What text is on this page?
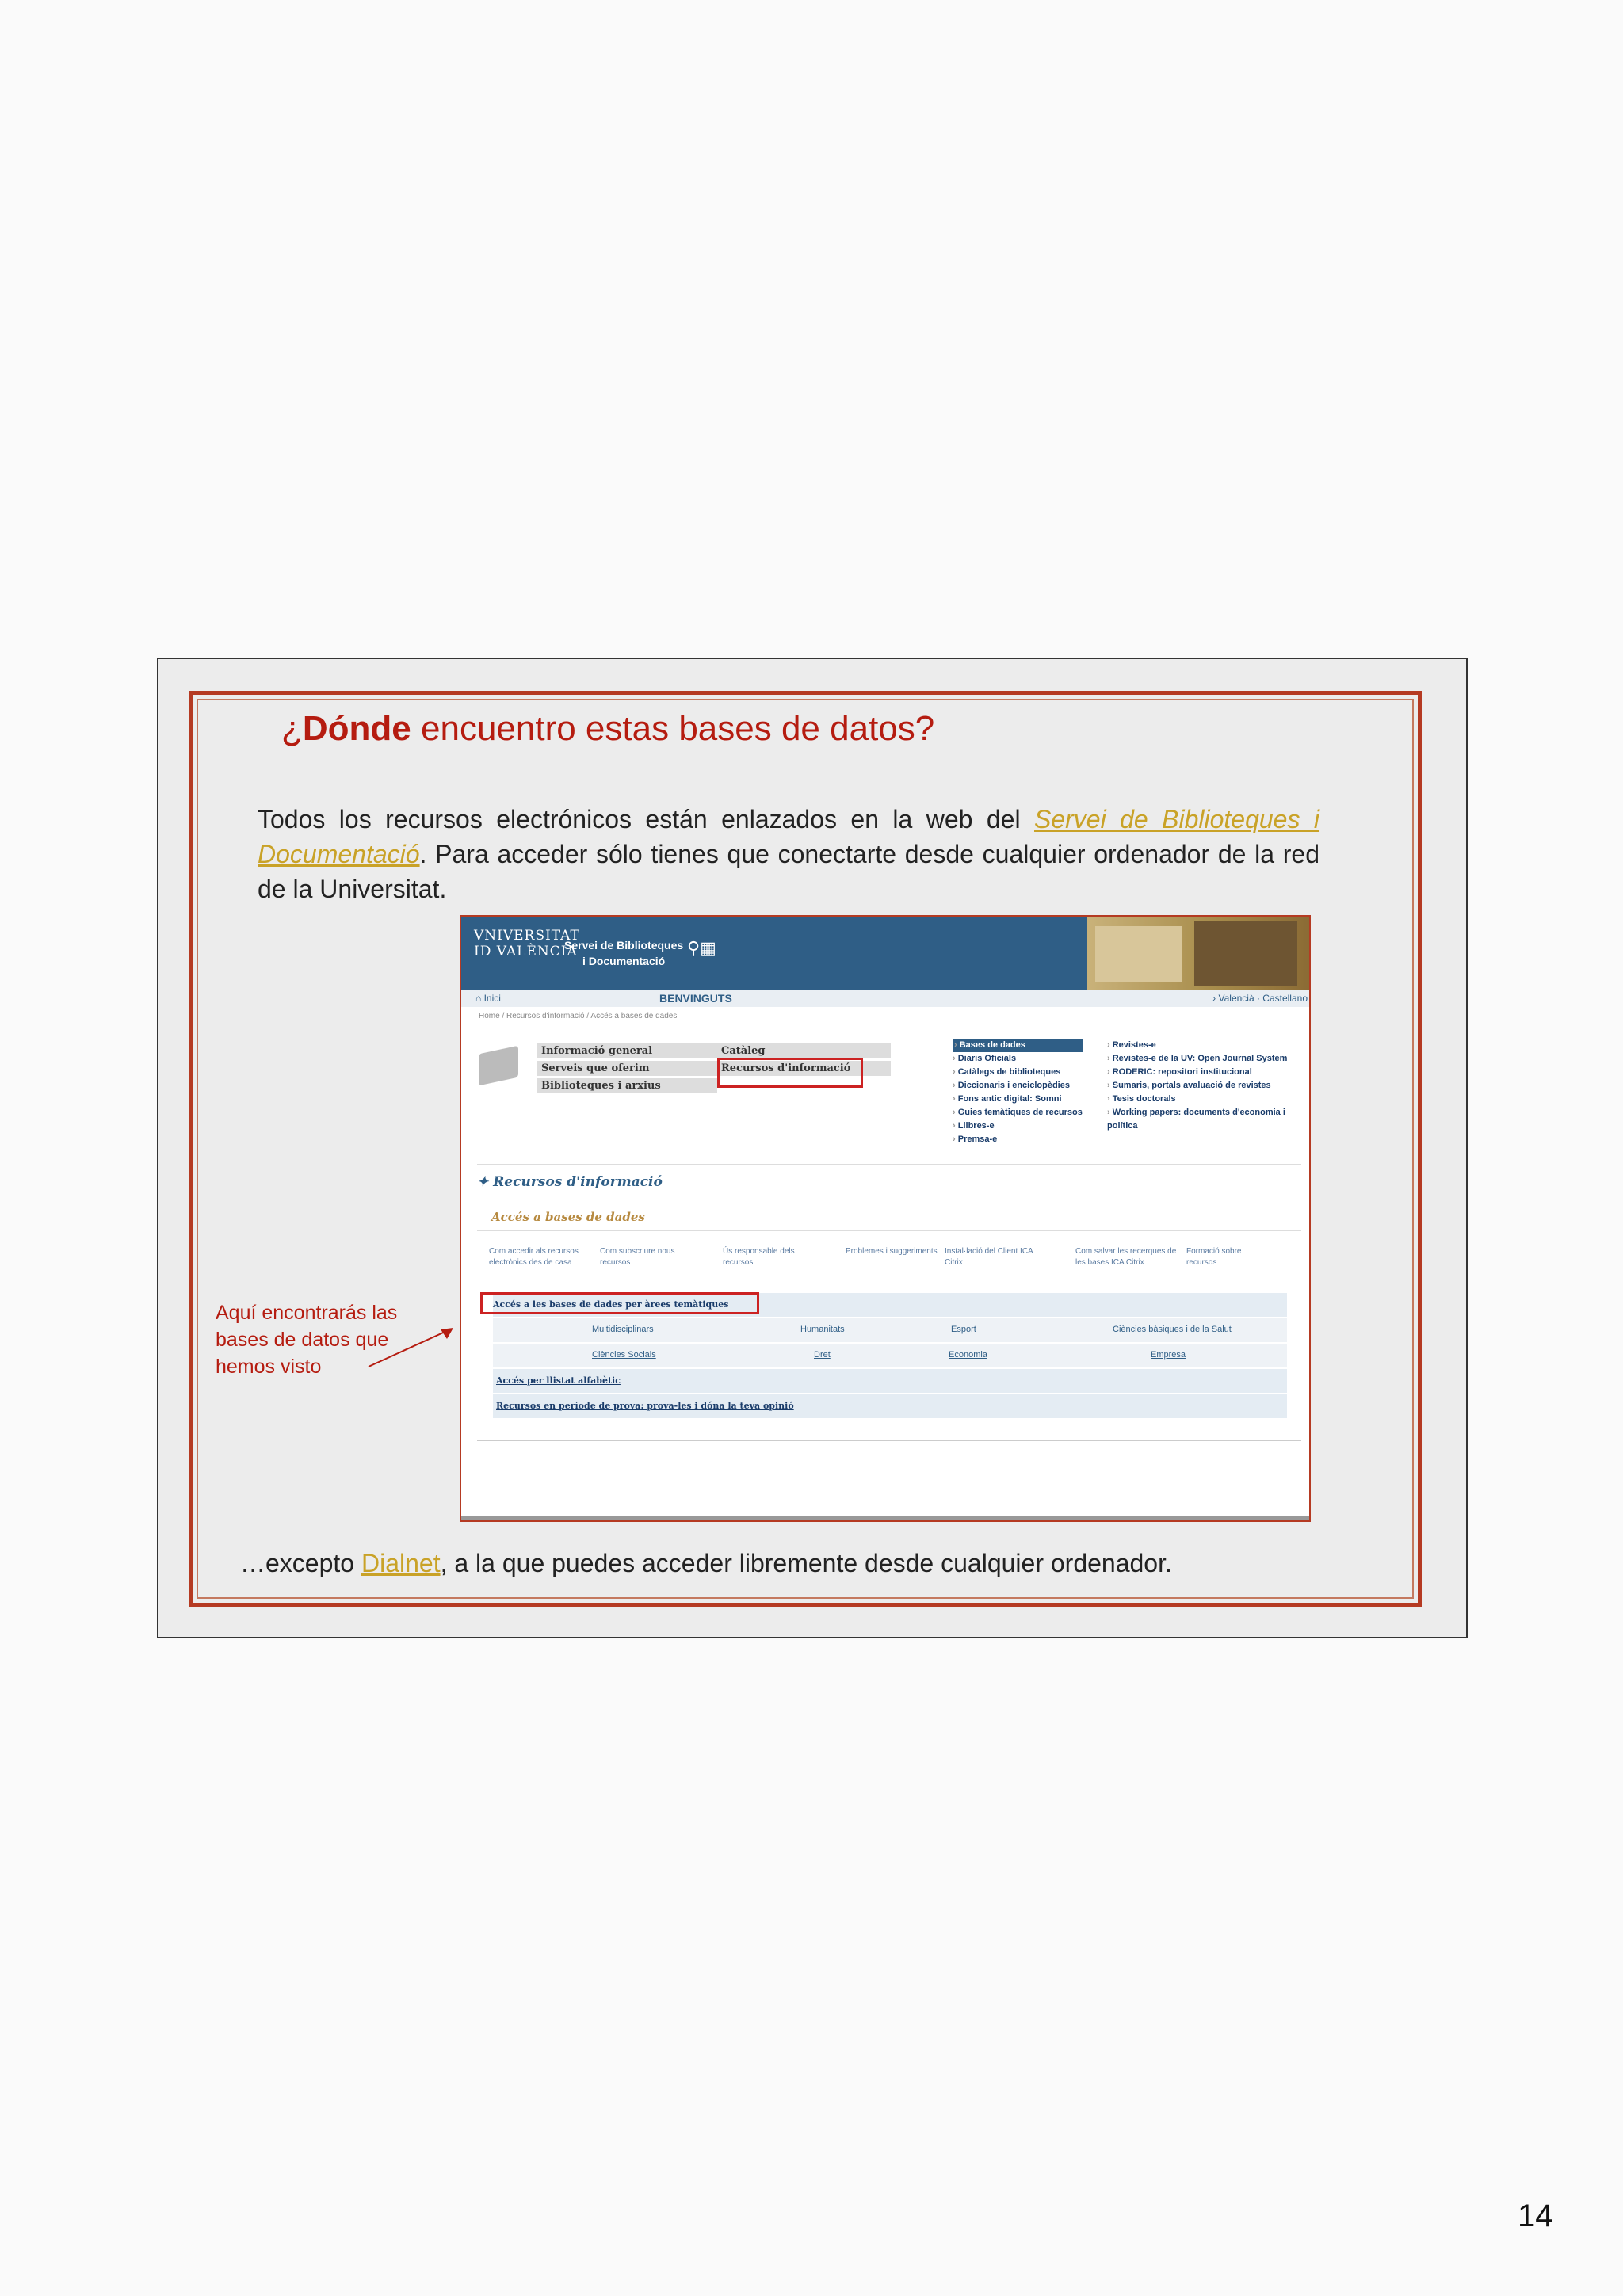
¿Dónde encuentro estas bases de datos?
Todos los recursos electrónicos están enlazados en la web del Servei de Biblioteques i Documentació. Para acceder sólo tienes que conectarte desde cualquier ordenador de la red de la Universitat.
VNIVERSITAT
ID VALÈNCIA
Servei de Biblioteques
i Documentació
⚲▦
⌂ Inici	BENVINGUTS	› Valencià · Castellano
Home / Recursos d'informació / Accés a bases de dades
Informació general
Serveis que oferim
Biblioteques i arxius
Catàleg
Recursos d'informació
› Bases de dades
› Diaris Oficials
› Catàlegs de biblioteques
› Diccionaris i enciclopèdies
› Fons antic digital: Somni
› Guies temàtiques de recursos
› Llibres-e
› Premsa-e
› Revistes-e
› Revistes-e de la UV: Open Journal System
› RODERIC: repositori institucional
› Sumaris, portals avaluació de revistes
› Tesis doctorals
› Working papers: documents d'economia i política
✦ Recursos d'informació
Accés a bases de dades
Com accedir als recursos electrònics des de casa
Com subscriure nous recursos
Ús responsable dels recursos
Problemes i suggeriments Instal·lació del Client ICA Citrix
Com salvar les recerques de les bases ICA Citrix
Formació sobre recursos
Accés a les bases de dades per àrees temàtiques
Multidisciplinars	Humanitats	Esport	Ciències bàsiques i de la Salut
Ciències Socials	Dret	Economia	Empresa
Accés per llistat alfabètic
Recursos en període de prova: prova-les i dóna la teva opinió
Aquí encontrarás las bases de datos que hemos visto
…excepto Dialnet, a la que puedes acceder libremente desde cualquier ordenador.
14
